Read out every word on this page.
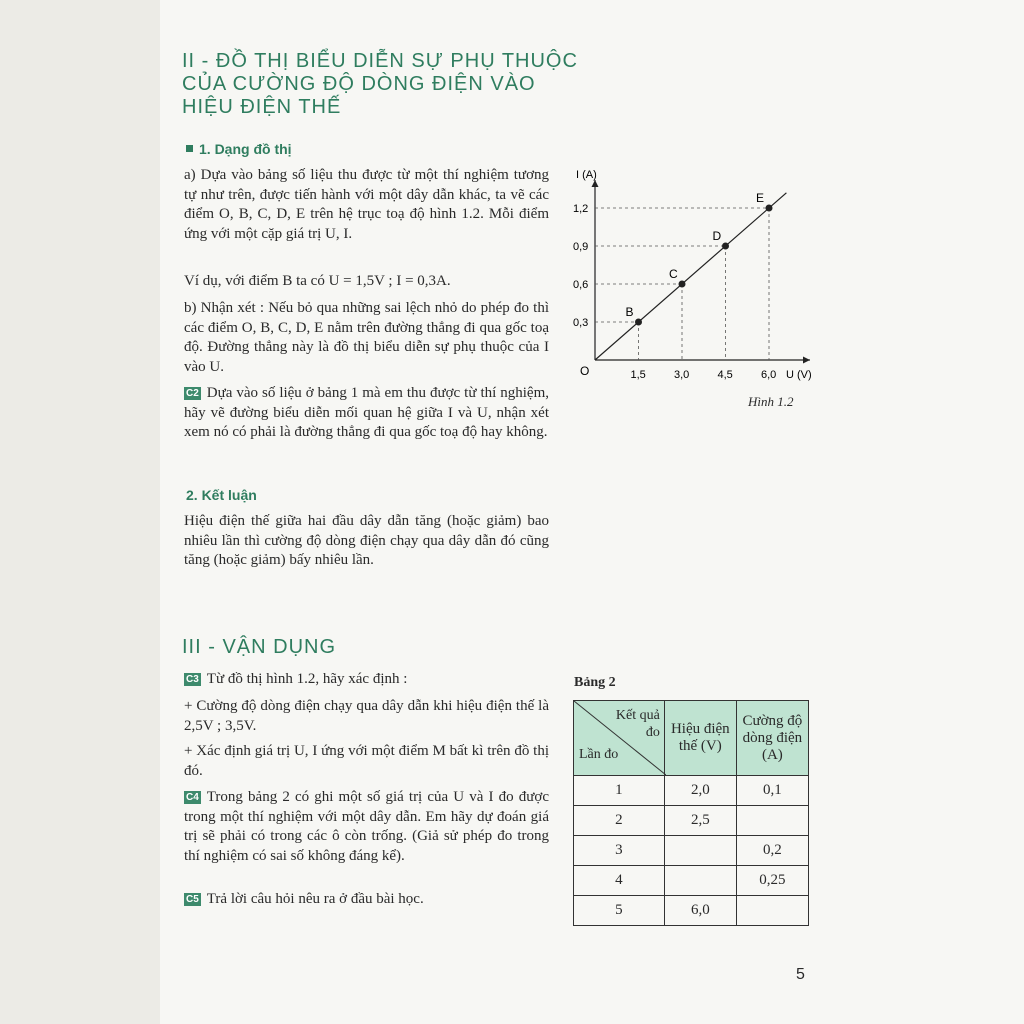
II - ĐỒ THỊ BIỂU DIỄN SỰ PHỤ THUỘC
CỦA CƯỜNG ĐỘ DÒNG ĐIỆN VÀO
HIỆU ĐIỆN THẾ
1. Dạng đồ thị

a) Dựa vào bảng số liệu thu được từ một thí nghiệm tương tự như trên, được tiến hành với một dây dẫn khác, ta vẽ các điểm O, B, C, D, E trên hệ trục toạ độ hình 1.2. Mỗi điểm ứng với một cặp giá trị U, I.

Ví dụ, với điểm B ta có U = 1,5V ; I = 0,3A.

b) Nhận xét : Nếu bỏ qua những sai lệch nhỏ do phép đo thì các điểm O, B, C, D, E nằm trên đường thẳng đi qua gốc toạ độ. Đường thẳng này là đồ thị biểu diễn sự phụ thuộc của I vào U.

C2 Dựa vào số liệu ở bảng 1 mà em thu được từ thí nghiệm, hãy vẽ đường biểu diễn mối quan hệ giữa I và U, nhận xét xem nó có phải là đường thẳng đi qua gốc toạ độ hay không.

2. Kết luận

Hiệu điện thế giữa hai đầu dây dẫn tăng (hoặc giảm) bao nhiêu lần thì cường độ dòng điện chạy qua dây dẫn đó cũng tăng (hoặc giảm) bấy nhiêu lần.

I (A)
U (V)
O	1,5
0,3
3,0
0,6
4,5
0,9
6,0
1,2
B
C
D
E
Hình 1.2
III - VẬN DỤNG

C3 Từ đồ thị hình 1.2, hãy xác định :

+ Cường độ dòng điện chạy qua dây dẫn khi hiệu điện thế là 2,5V ; 3,5V.

+ Xác định giá trị U, I ứng với một điểm M bất kì trên đồ thị đó.

C4 Trong bảng 2 có ghi một số giá trị của U và I đo được trong một thí nghiệm với một dây dẫn. Em hãy dự đoán giá trị sẽ phải có trong các ô còn trống. (Giả sử phép đo trong thí nghiệm có sai số không đáng kể).

C5 Trả lời câu hỏi nêu ra ở đầu bài học.

Bảng 2
Kết quả đo
Lần đo	Hiệu điện thế (V)	Cường độ dòng điện (A)
1	2,0	0,1
2	2,5	
3		0,2
4		0,25
5	6,0	
5
